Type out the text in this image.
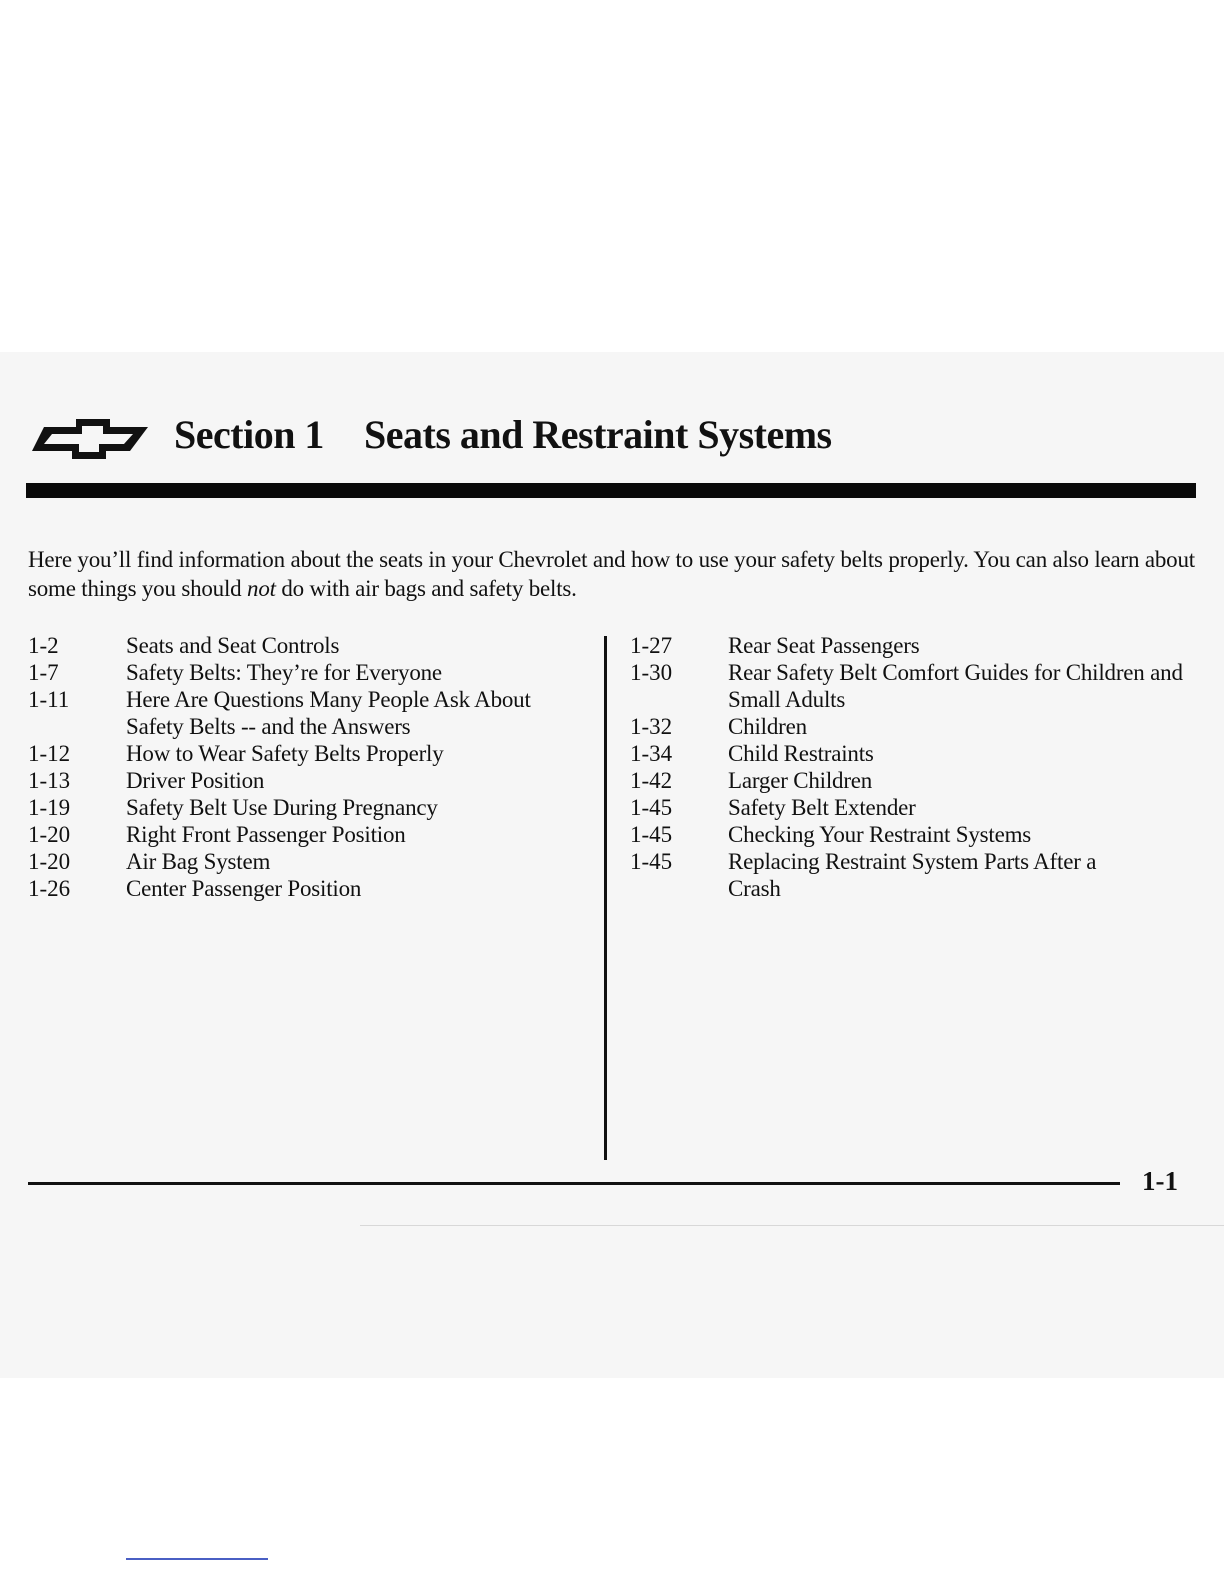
Section 1 Seats and Restraint Systems

Here you’ll find information about the seats in your Chevrolet and how to use your safety belts properly. You can also learn about some things you should not do with air bags and safety belts.

1-2	Seats and Seat Controls
1-7	Safety Belts: They’re for Everyone
1-11	Here Are Questions Many People Ask About Safety Belts -- and the Answers
1-12	How to Wear Safety Belts Properly
1-13	Driver Position
1-19	Safety Belt Use During Pregnancy
1-20	Right Front Passenger Position
1-20	Air Bag System
1-26	Center Passenger Position
1-27	Rear Seat Passengers
1-30	Rear Safety Belt Comfort Guides for Children and Small Adults
1-32	Children
1-34	Child Restraints
1-42	Larger Children
1-45	Safety Belt Extender
1-45	Checking Your Restraint Systems
1-45	Replacing Restraint System Parts After a Crash
1-1
